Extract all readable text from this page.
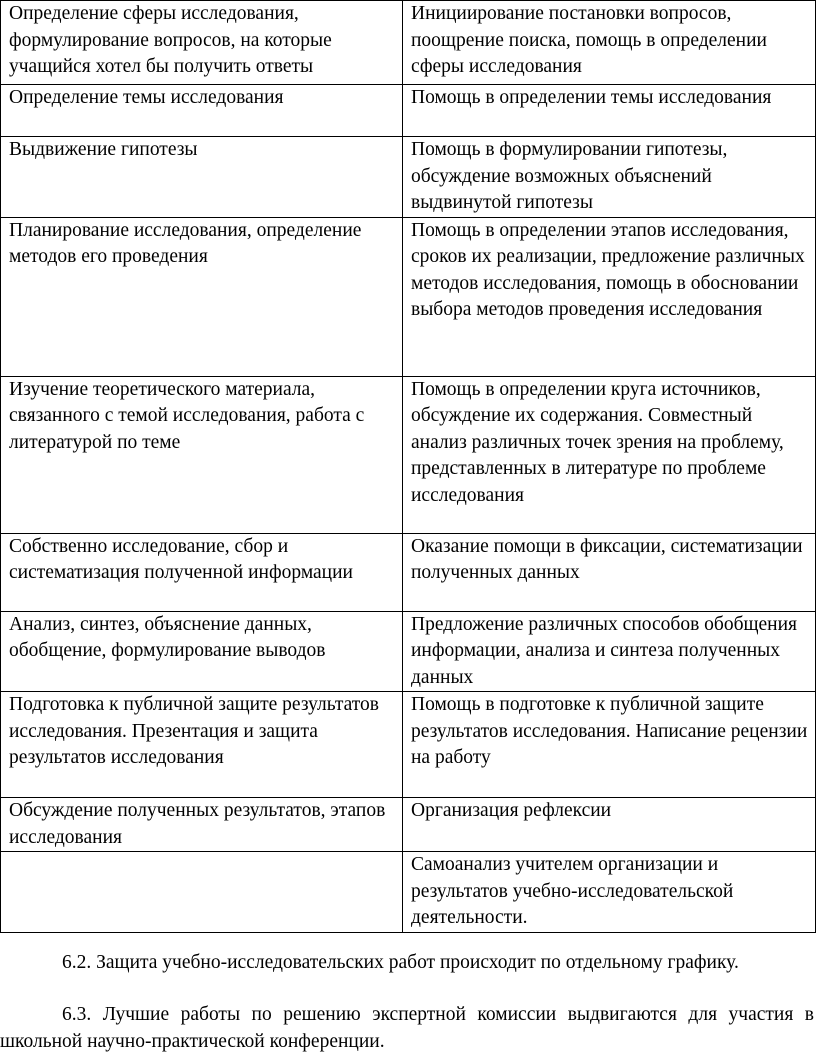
Определение сферы исследования, формулирование вопросов, на которые учащийся хотел бы получить ответы	Инициирование постановки вопросов, поощрение поиска, помощь в определении сферы исследования
Определение темы исследования	Помощь в определении темы исследования
Выдвижение гипотезы	Помощь в формулировании гипотезы, обсуждение возможных объяснений выдвинутой гипотезы
Планирование исследования, определение методов его проведения	Помощь в определении этапов исследования, сроков их реализации, предложение различных методов исследования, помощь в обосновании выбора методов проведения исследования
Изучение теоретического материала, связанного с темой исследования, работа с литературой по теме	Помощь в определении круга источников, обсуждение их содержания. Совместный анализ различных точек зрения на проблему, представленных в литературе по проблеме исследования
Собственно исследование, сбор и систематизация полученной информации	Оказание помощи в фиксации, систематизации полученных данных
Анализ, синтез, объяснение данных, обобщение, формулирование выводов	Предложение различных способов обобщения информации, анализа и синтеза полученных данных
Подготовка к публичной защите результатов исследования. Презентация и защита результатов исследования	Помощь в подготовке к публичной защите результатов исследования. Написание рецензии на работу
Обсуждение полученных результатов, этапов исследования	Организация рефлексии
	Самоанализ учителем организации и результатов учебно-исследовательской деятельности.

6.2. Защита учебно-исследовательских работ происходит по отдельному графику.

6.3. Лучшие работы по решению экспертной комиссии выдвигаются для участия в школьной научно-практической конференции.
